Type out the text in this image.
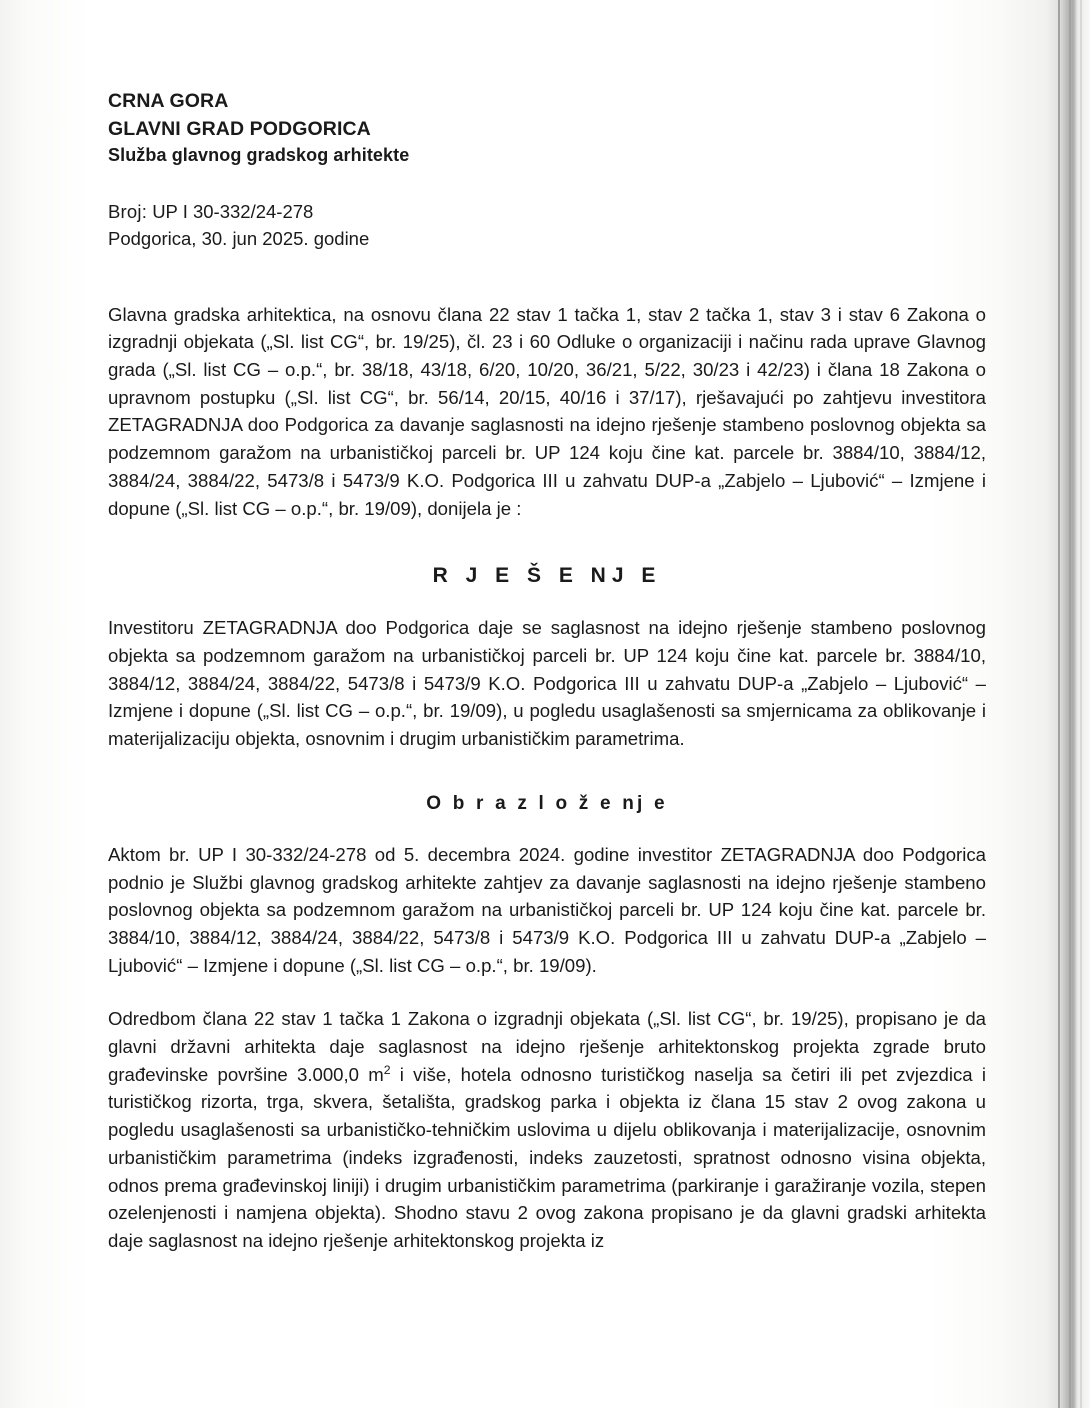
CRNA GORA
GLAVNI GRAD PODGORICA
Služba glavnog gradskog arhitekte
Broj: UP I 30-332/24-278
Podgorica, 30. jun 2025. godine

Glavna gradska arhitektica, na osnovu člana 22 stav 1 tačka 1, stav 2 tačka 1, stav 3 i stav 6 Zakona o izgradnji objekata („Sl. list CG“, br. 19/25), čl. 23 i 60 Odluke o organizaciji i načinu rada uprave Glavnog grada („Sl. list CG – o.p.“, br. 38/18, 43/18, 6/20, 10/20, 36/21, 5/22, 30/23 i 42/23) i člana 18 Zakona o upravnom postupku („Sl. list CG“, br. 56/14, 20/15, 40/16 i 37/17), rješavajući po zahtjevu investitora ZETAGRADNJA doo Podgorica za davanje saglasnosti na idejno rješenje stambeno poslovnog objekta sa podzemnom garažom na urbanističkoj parceli br. UP 124 koju čine kat. parcele br. 3884/10, 3884/12, 3884/24, 3884/22, 5473/8 i 5473/9 K.O. Podgorica III u zahvatu DUP-a „Zabjelo – Ljubović“ – Izmjene i dopune („Sl. list CG – o.p.“, br. 19/09), donijela je :

R J E Š E NJ E

Investitoru ZETAGRADNJA doo Podgorica daje se saglasnost na idejno rješenje stambeno poslovnog objekta sa podzemnom garažom na urbanističkoj parceli br. UP 124 koju čine kat. parcele br. 3884/10, 3884/12, 3884/24, 3884/22, 5473/8 i 5473/9 K.O. Podgorica III u zahvatu DUP-a „Zabjelo – Ljubović“ – Izmjene i dopune („Sl. list CG – o.p.“, br. 19/09), u pogledu usaglašenosti sa smjernicama za oblikovanje i materijalizaciju objekta, osnovnim i drugim urbanističkim parametrima.

O b r a z l o ž e nj e

Aktom br. UP I 30-332/24-278 od 5. decembra 2024. godine investitor ZETAGRADNJA doo Podgorica podnio je Službi glavnog gradskog arhitekte zahtjev za davanje saglasnosti na idejno rješenje stambeno poslovnog objekta sa podzemnom garažom na urbanističkoj parceli br. UP 124 koju čine kat. parcele br. 3884/10, 3884/12, 3884/24, 3884/22, 5473/8 i 5473/9 K.O. Podgorica III u zahvatu DUP-a „Zabjelo – Ljubović“ – Izmjene i dopune („Sl. list CG – o.p.“, br. 19/09).

Odredbom člana 22 stav 1 tačka 1 Zakona o izgradnji objekata („Sl. list CG“, br. 19/25), propisano je da glavni državni arhitekta daje saglasnost na idejno rješenje arhitektonskog projekta zgrade bruto građevinske površine 3.000,0 $m^2$ i više, hotela odnosno turističkog naselja sa četiri ili pet zvjezdica i turističkog rizorta, trga, skvera, šetališta, gradskog parka i objekta iz člana 15 stav 2 ovog zakona u pogledu usaglašenosti sa urbanističko-tehničkim uslovima u dijelu oblikovanja i materijalizacije, osnovnim urbanističkim parametrima (indeks izgrađenosti, indeks zauzetosti, spratnost odnosno visina objekta, odnos prema građevinskoj liniji) i drugim urbanističkim parametrima (parkiranje i garažiranje vozila, stepen ozelenjenosti i namjena objekta). Shodno stavu 2 ovog zakona propisano je da glavni gradski arhitekta daje saglasnost na idejno rješenje arhitektonskog projekta iz
